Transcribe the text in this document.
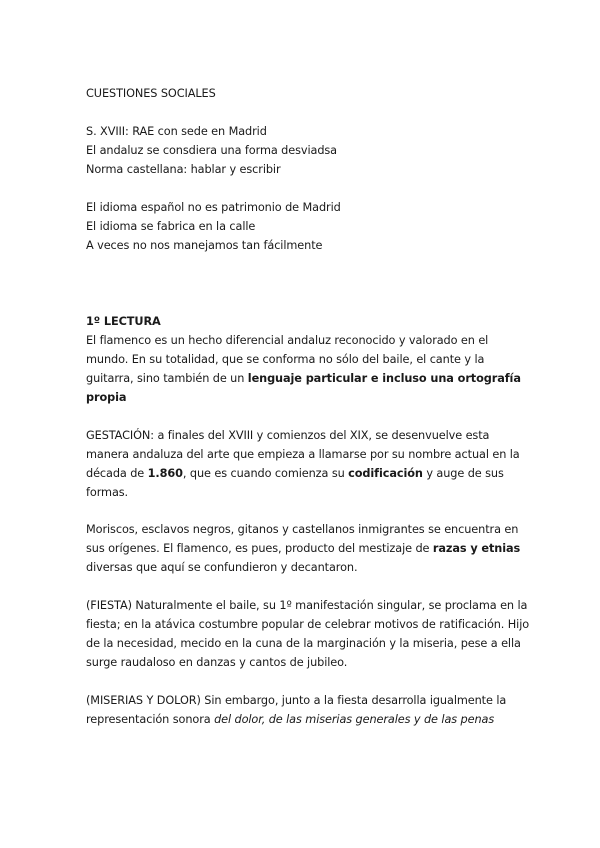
CUESTIONES SOCIALES
S. XVIII: RAE con sede en Madrid
El andaluz se consdiera una forma desviadsa
Norma castellana: hablar y escribir
El idioma español no es patrimonio de Madrid
El idioma se fabrica en la calle
A veces no nos manejamos tan fácilmente
1º LECTURA
El flamenco es un hecho diferencial andaluz reconocido y valorado en el
mundo. En su totalidad, que se conforma no sólo del baile, el cante y la
guitarra, sino también de un lenguaje particular e incluso una ortografía
propia
GESTACIÓN: a finales del XVIII y comienzos del XIX, se desenvuelve esta
manera andaluza del arte que empieza a llamarse por su nombre actual en la
década de 1.860, que es cuando comienza su codificación y auge de sus
formas.
Moriscos, esclavos negros, gitanos y castellanos inmigrantes se encuentra en
sus orígenes. El flamenco, es pues, producto del mestizaje de razas y etnias
diversas que aquí se confundieron y decantaron.
(FIESTA) Naturalmente el baile, su 1º manifestación singular, se proclama en la
fiesta; en la atávica costumbre popular de celebrar motivos de ratificación. Hijo
de la necesidad, mecido en la cuna de la marginación y la miseria, pese a ella
surge raudaloso en danzas y cantos de jubileo.
(MISERIAS Y DOLOR) Sin embargo, junto a la fiesta desarrolla igualmente la
representación sonora del dolor, de las miserias generales y de las penas
